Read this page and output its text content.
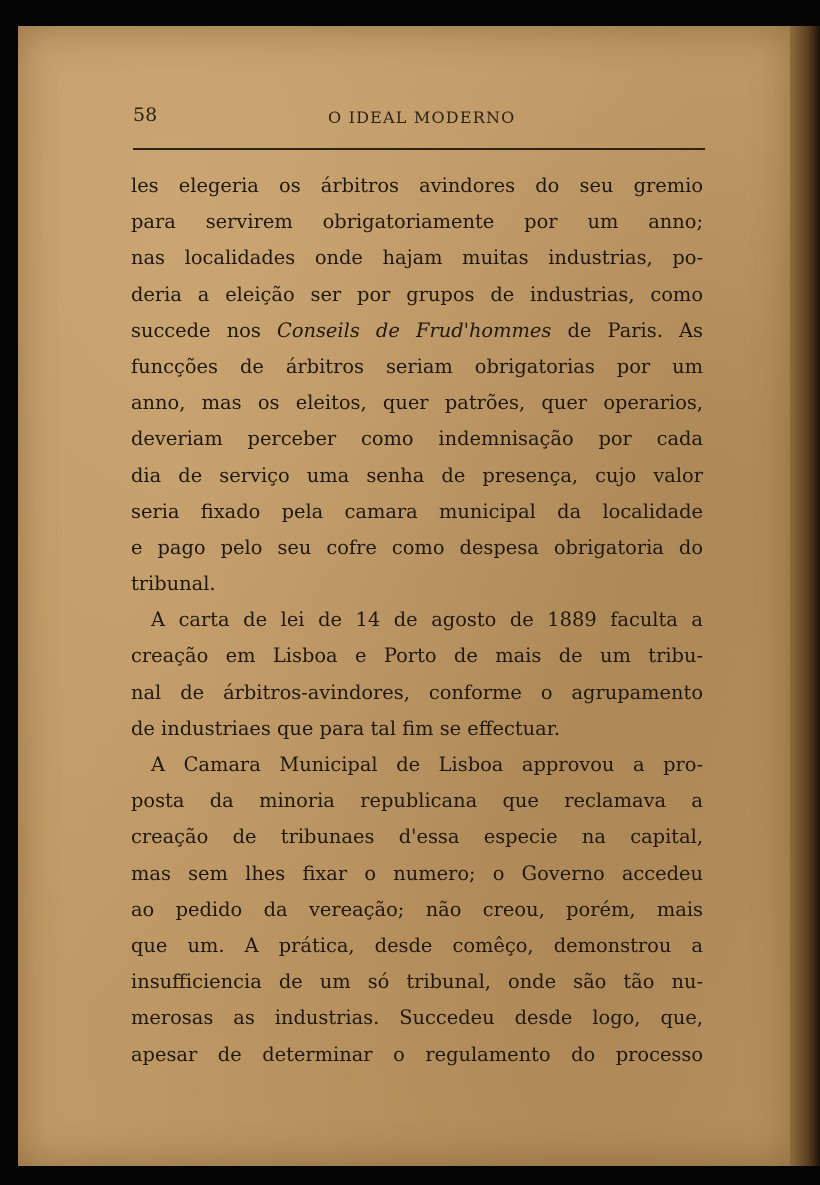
58	O IDEAL MODERNO
les elegeria os árbitros avindores do seu gremio
para servirem obrigatoriamente por um anno;
nas localidades onde hajam muitas industrias, po-
deria a eleição ser por grupos de industrias, como
succede nos Conseils de Frud'hommes de Paris. As
funcções de árbitros seriam obrigatorias por um
anno, mas os eleitos, quer patrões, quer operarios,
deveriam perceber como indemnisação por cada
dia de serviço uma senha de presença, cujo valor
seria fixado pela camara municipal da localidade
e pago pelo seu cofre como despesa obrigatoria do
tribunal.
A carta de lei de 14 de agosto de 1889 faculta a
creação em Lisboa e Porto de mais de um tribu-
nal de árbitros-avindores, conforme o agrupamento
de industriaes que para tal fim se effectuar.
A Camara Municipal de Lisboa approvou a pro-
posta da minoria republicana que reclamava a
creação de tribunaes d'essa especie na capital,
mas sem lhes fixar o numero; o Governo accedeu
ao pedido da vereação; não creou, porém, mais
que um. A prática, desde comêço, demonstrou a
insufficiencia de um só tribunal, onde são tão nu-
merosas as industrias. Succedeu desde logo, que,
apesar de determinar o regulamento do processo
